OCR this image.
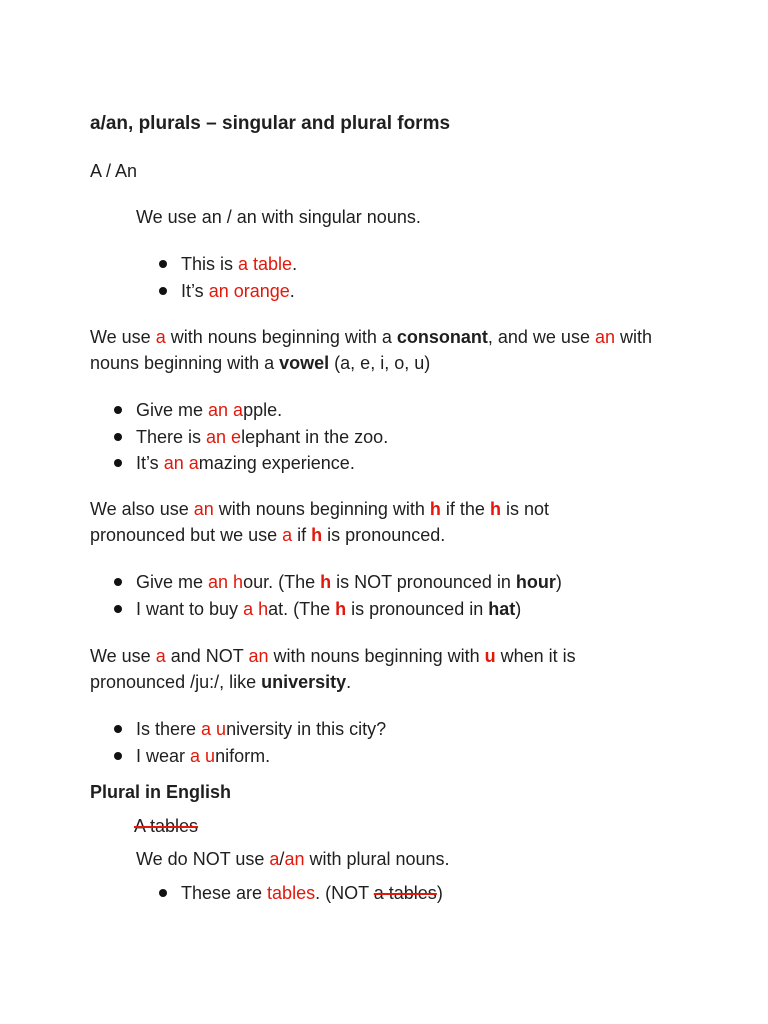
a/an, plurals – singular and plural forms
A / An
We use an / an with singular nouns.
This is a table.
It’s an orange.
We use a with nouns beginning with a consonant, and we use an with
nouns beginning with a vowel (a, e, i, o, u)
Give me an apple.
There is an elephant in the zoo.
It’s an amazing experience.
We also use an with nouns beginning with h if the h is not
pronounced but we use a if h is pronounced.
Give me an hour. (The h is NOT pronounced in hour)
I want to buy a hat. (The h is pronounced in hat)
We use a and NOT an with nouns beginning with u when it is
pronounced /ju:/, like university.
Is there a university in this city?
I wear a uniform.
Plural in English
A tables
We do NOT use a/an with plural nouns.
These are tables. (NOT a tables)
